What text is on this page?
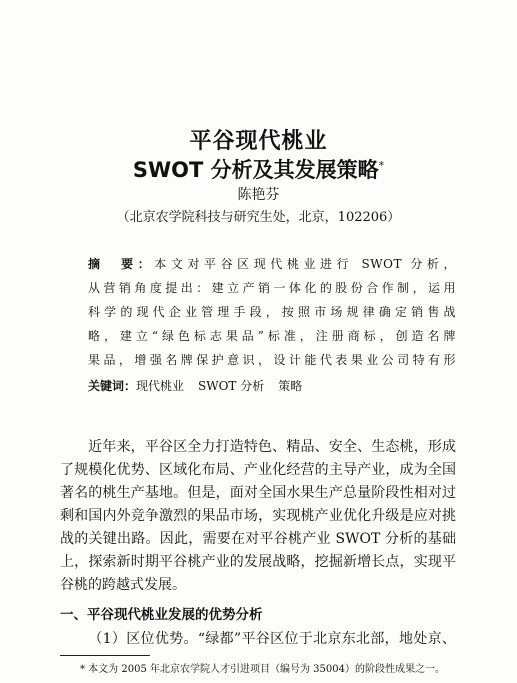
平谷现代桃业
SWOT 分析及其发展策略*
陈艳芬
（北京农学院科技与研究生处，北京，102206）
摘　要：本文对平谷区现代桃业进行 SWOT 分析，
从营销角度提出：建立产销一体化的股份合作制，运用
科学的现代企业管理手段，按照市场规律确定销售战
略，建立“绿色标志果品”标准，注册商标，创造名牌
果品，增强名牌保护意识，设计能代表果业公司特有形
关键词：现代桃业 SWOT 分析 策略
近年来，平谷区全力打造特色、精品、安全、生态桃，形成
了规模化优势、区域化布局、产业化经营的主导产业，成为全国
著名的桃生产基地。但是，面对全国水果生产总量阶段性相对过
剩和国内外竞争激烈的果品市场，实现桃产业优化升级是应对挑
战的关键出路。因此，需要在对平谷桃产业 SWOT 分析的基础
上，探索新时期平谷桃产业的发展战略，挖掘新增长点，实现平
谷桃的跨越式发展。
一、平谷现代桃业发展的优势分析
（1）区位优势。“绿都”平谷区位于北京东北部，地处京、
* 本文为 2005 年北京农学院人才引进项目（编号为 35004）的阶段性成果之一。
